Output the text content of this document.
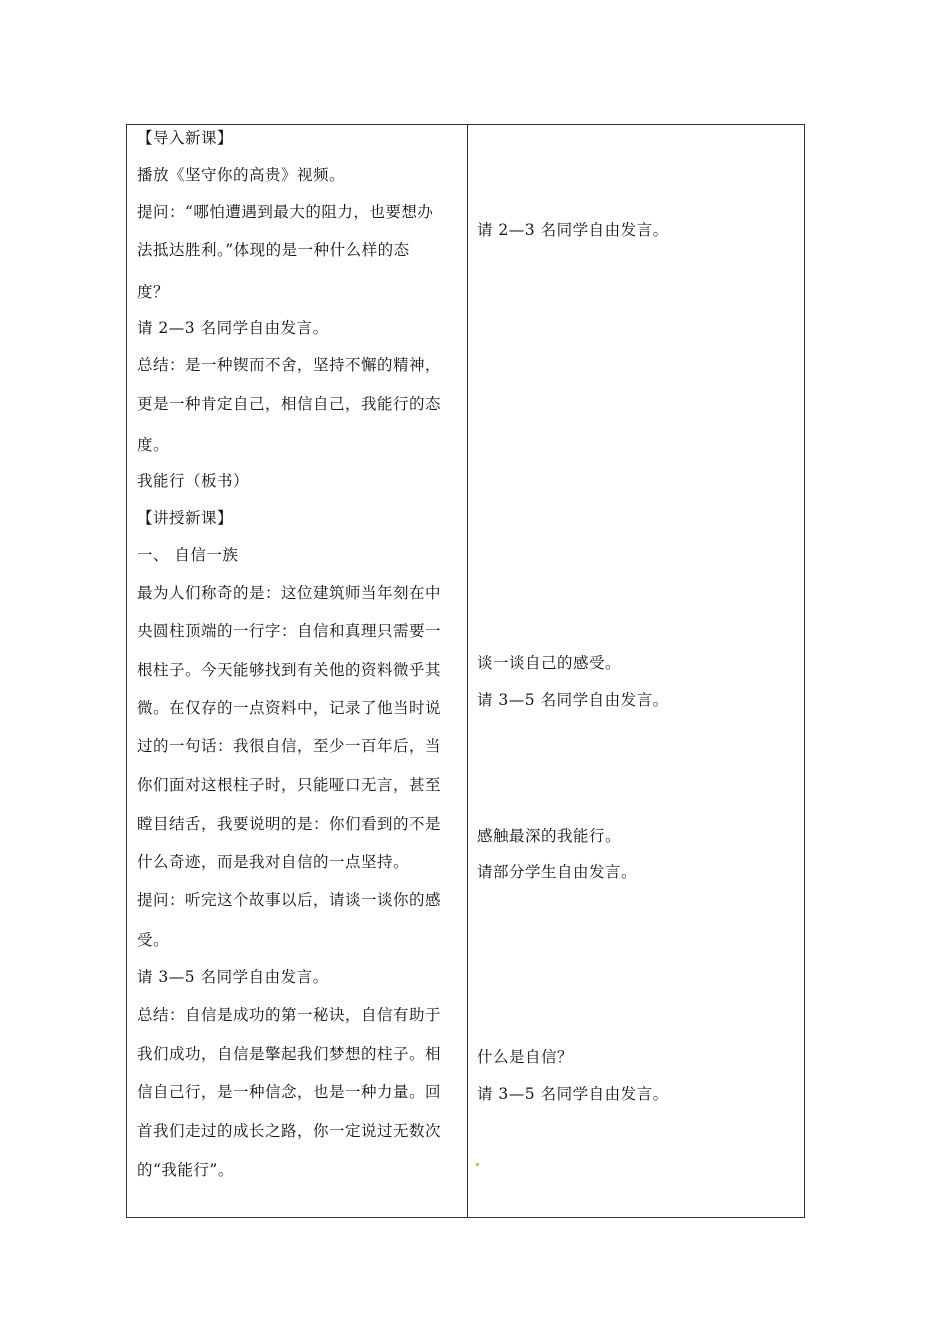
【导入新课】
播放《坚守你的高贵》视频。
提问：“哪怕遭遇到最大的阻力，也要想办
法抵达胜利。”体现的是一种什么样的态
度？
请 2—3 名同学自由发言。
总结：是一种锲而不舍，坚持不懈的精神，
更是一种肯定自己，相信自己，我能行的态
度。
我能行（板书）
【讲授新课】
一、 自信一族
最为人们称奇的是：这位建筑师当年刻在中
央圆柱顶端的一行字：自信和真理只需要一
根柱子。今天能够找到有关他的资料微乎其
微。在仅存的一点资料中，记录了他当时说
过的一句话：我很自信，至少一百年后，当
你们面对这根柱子时，只能哑口无言，甚至
瞠目结舌，我要说明的是：你们看到的不是
什么奇迹，而是我对自信的一点坚持。
提问：听完这个故事以后，请谈一谈你的感
受。
请 3—5 名同学自由发言。
总结：自信是成功的第一秘诀，自信有助于
我们成功，自信是擎起我们梦想的柱子。相
信自己行，是一种信念，也是一种力量。回
首我们走过的成长之路，你一定说过无数次
的“我能行”。
请 2—3 名同学自由发言。
谈一谈自己的感受。
请 3—5 名同学自由发言。
感触最深的我能行。
请部分学生自由发言。
什么是自信？
请 3—5 名同学自由发言。
